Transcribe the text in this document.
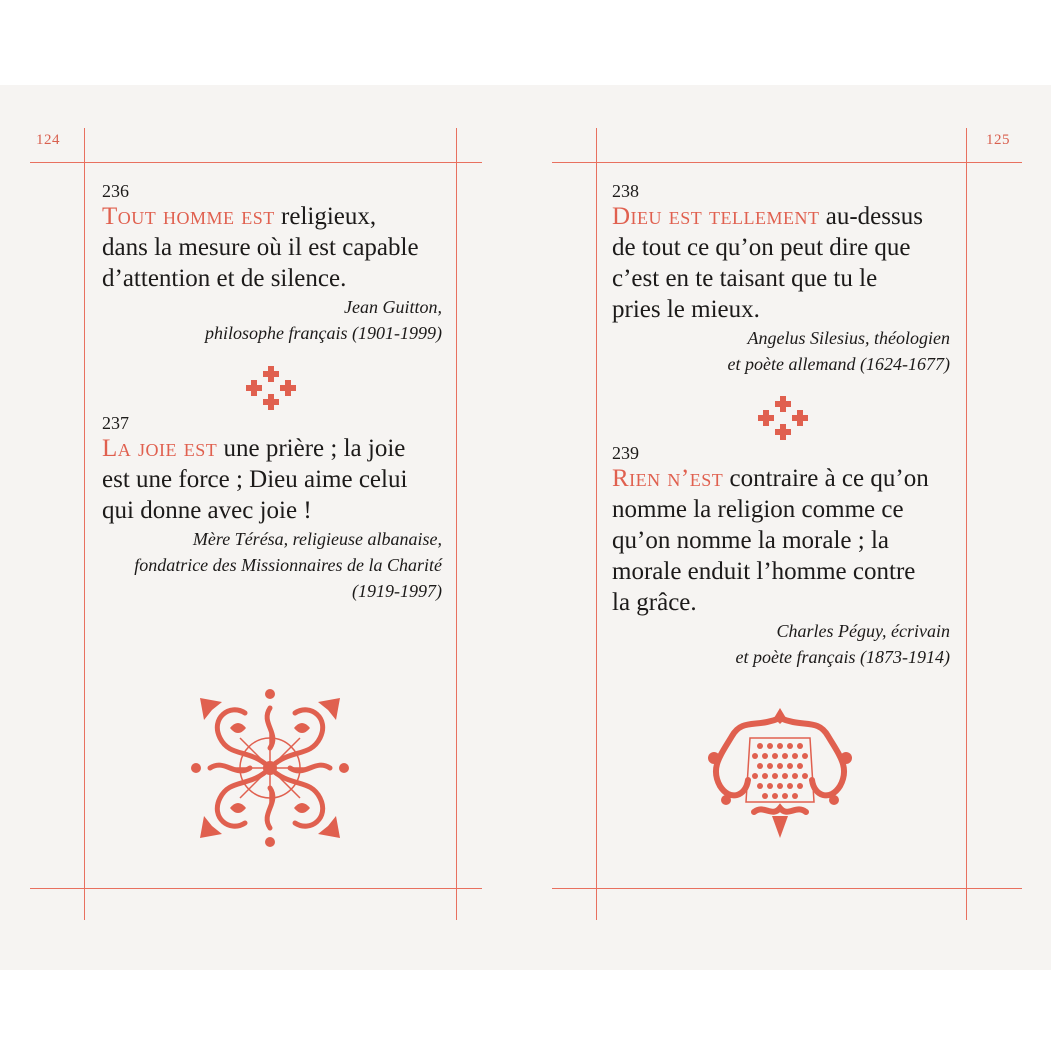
124	125
236
Tout homme est religieux,
dans la mesure où il est capable
d’attention et de silence.
Jean Guitton,
philosophe français (1901-1999)
237
La joie est une prière ; la joie
est une force ; Dieu aime celui
qui donne avec joie !
Mère Térésa, religieuse albanaise,
fondatrice des Missionnaires de la Charité
(1919-1997)
238
Dieu est tellement au-dessus
de tout ce qu’on peut dire que
c’est en te taisant que tu le
pries le mieux.
Angelus Silesius, théologien
et poète allemand (1624-1677)
239
Rien n’est contraire à ce qu’on
nomme la religion comme ce
qu’on nomme la morale ; la
morale enduit l’homme contre
la grâce.
Charles Péguy, écrivain
et poète français (1873-1914)
